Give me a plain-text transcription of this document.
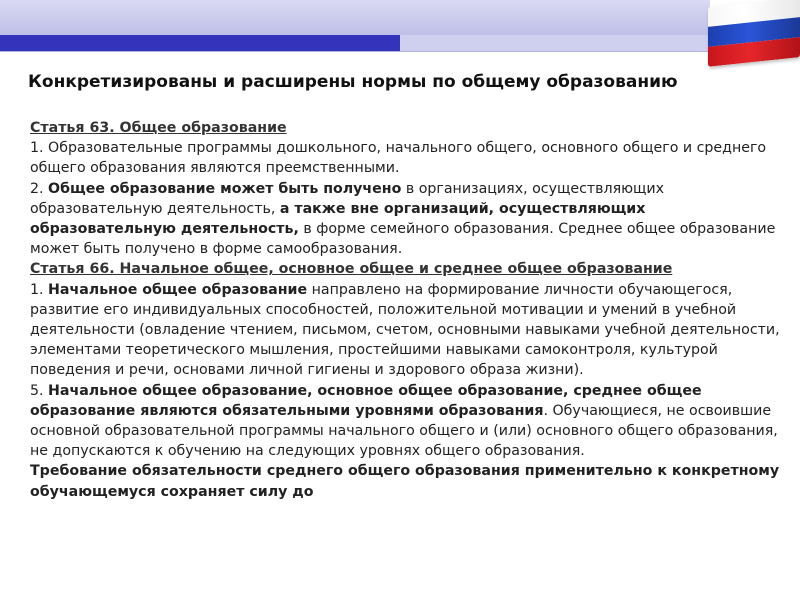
Конкретизированы и расширены нормы по общему образованию

Статья 63. Общее образование

1. Образовательные программы дошкольного, начального общего, основного общего и среднего общего образования являются преемственными.

2. Общее образование может быть получено в организациях, осуществляющих образовательную деятельность, а также вне организаций, осуществляющих образовательную деятельность, в форме семейного образования. Среднее общее образование может быть получено в форме самообразования.

Статья 66. Начальное общее, основное общее и среднее общее образование

1. Начальное общее образование направлено на формирование личности обучающегося, развитие его индивидуальных способностей, положительной мотивации и умений в учебной деятельности (овладение чтением, письмом, счетом, основными навыками учебной деятельности, элементами теоретического мышления, простейшими навыками самоконтроля, культурой поведения и речи, основами личной гигиены и здорового образа жизни).

5. Начальное общее образование, основное общее образование, среднее общее образование являются обязательными уровнями образования. Обучающиеся, не освоившие основной образовательной программы начального общего и (или) основного общего образования, не допускаются к обучению на следующих уровнях общего образования.

Требование обязательности среднего общего образования применительно к конкретному обучающемуся сохраняет силу до
